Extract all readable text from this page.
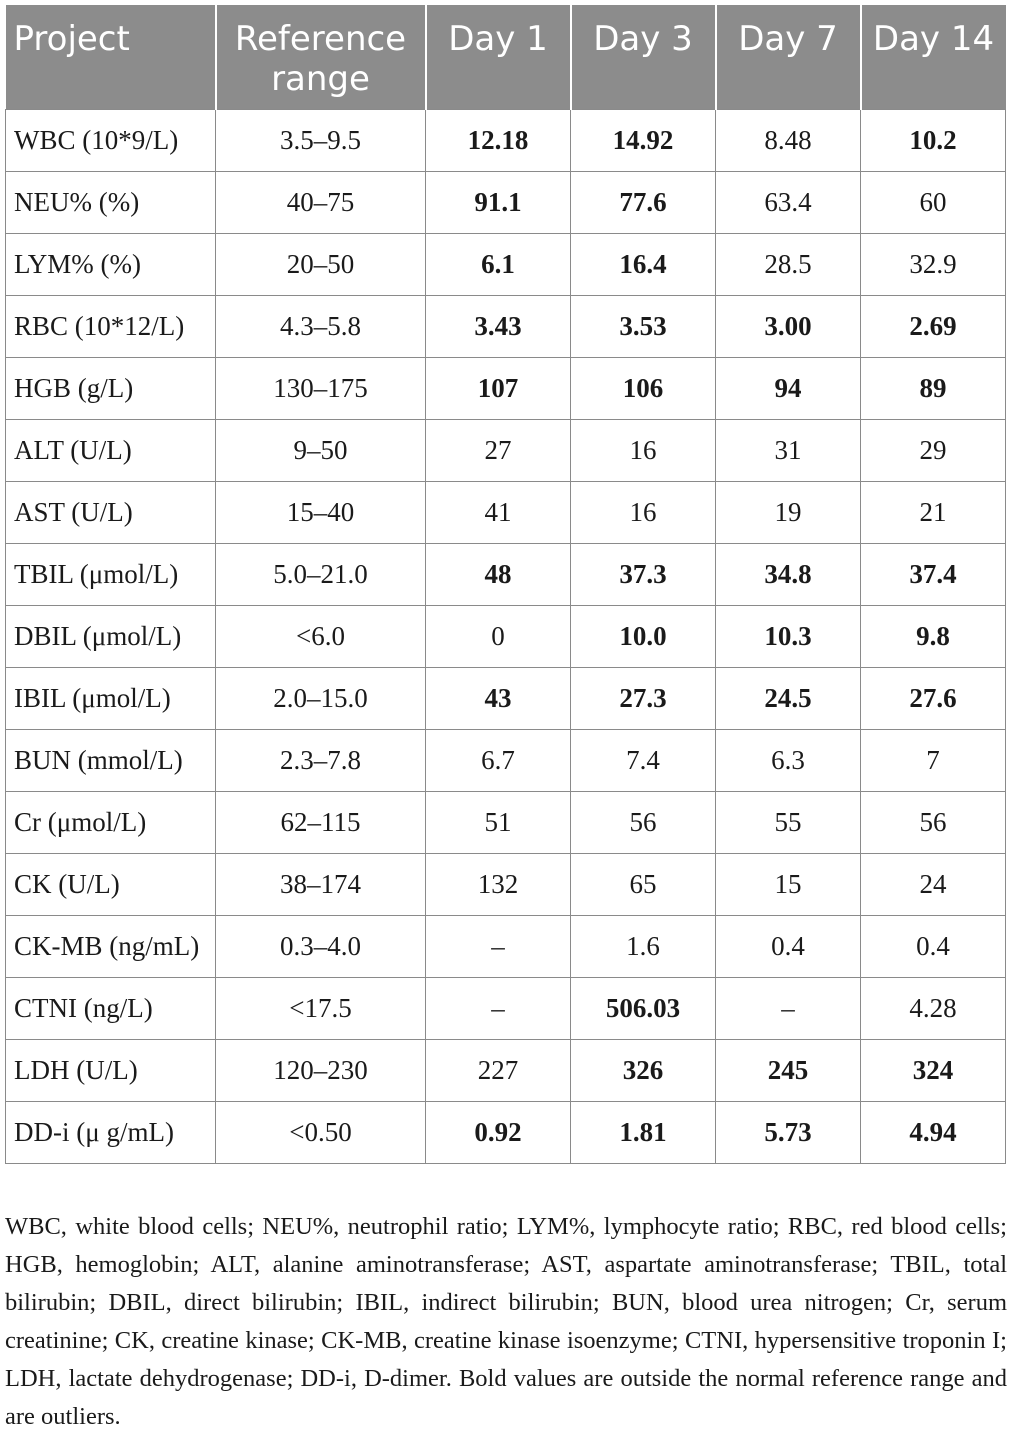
Project	Reference range	Day 1	Day 3	Day 7	Day 14
WBC (10*9/L)	3.5–9.5	12.18	14.92	8.48	10.2
NEU% (%)	40–75	91.1	77.6	63.4	60
LYM% (%)	20–50	6.1	16.4	28.5	32.9
RBC (10*12/L)	4.3–5.8	3.43	3.53	3.00	2.69
HGB (g/L)	130–175	107	106	94	89
ALT (U/L)	9–50	27	16	31	29
AST (U/L)	15–40	41	16	19	21
TBIL (μmol/L)	5.0–21.0	48	37.3	34.8	37.4
DBIL (μmol/L)	<6.0	0	10.0	10.3	9.8
IBIL (μmol/L)	2.0–15.0	43	27.3	24.5	27.6
BUN (mmol/L)	2.3–7.8	6.7	7.4	6.3	7
Cr (μmol/L)	62–115	51	56	55	56
CK (U/L)	38–174	132	65	15	24
CK-MB (ng/mL)	0.3–4.0	–	1.6	0.4	0.4
CTNI (ng/L)	<17.5	–	506.03	–	4.28
LDH (U/L)	120–230	227	326	245	324
DD-i (μ g/mL)	<0.50	0.92	1.81	5.73	4.94

WBC, white blood cells; NEU%, neutrophil ratio; LYM%, lymphocyte ratio; RBC, red blood cells; HGB, hemoglobin; ALT, alanine aminotransferase; AST, aspartate aminotransferase; TBIL, total bilirubin; DBIL, direct bilirubin; IBIL, indirect bilirubin; BUN, blood urea nitrogen; Cr, serum creatinine; CK, creatine kinase; CK-MB, creatine kinase isoenzyme; CTNI, hypersensitive troponin I; LDH, lactate dehydrogenase; DD-i, D-dimer. Bold values are outside the normal reference range and are outliers.
